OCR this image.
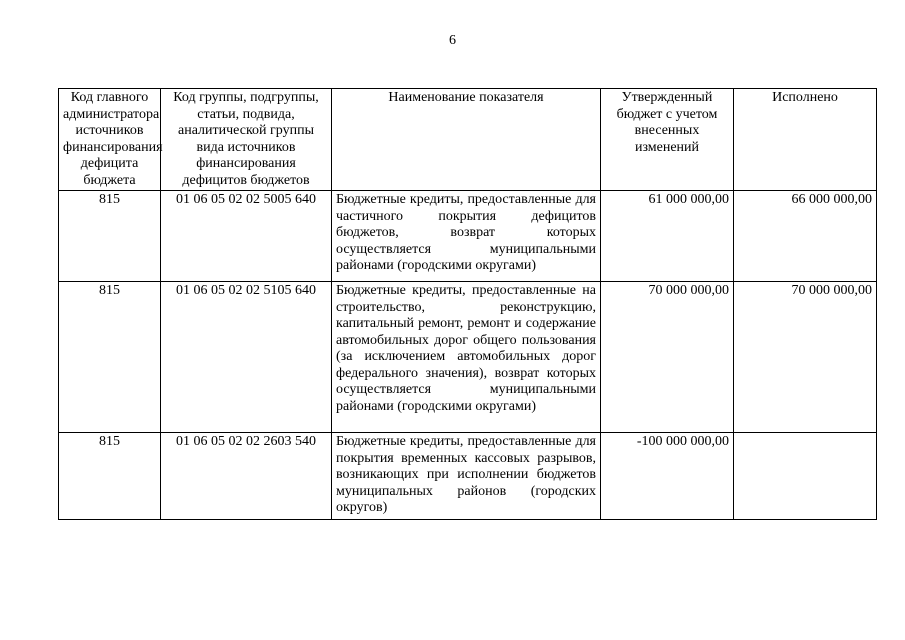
6
Код главного администратора источников финансирования дефицита бюджета	Код группы, подгруппы, статьи, подвида, аналитической группы вида источников финансирования дефицитов бюджетов	Наименование показателя	Утвержденный бюджет с учетом внесенных изменений	Исполнено
815	01 06 05 02 02 5005 640	Бюджетные кредиты, предоставленные для частичного покрытия дефицитов бюджетов, возврат которых осуществляется муниципальными районами (городскими округами)	61 000 000,00	66 000 000,00
815	01 06 05 02 02 5105 640	Бюджетные кредиты, предоставленные на строительство, реконструкцию, капитальный ремонт, ремонт и содержание автомобильных дорог общего пользования (за исключением автомобильных дорог федерального значения), возврат которых осуществляется муниципальными районами (городскими округами)	70 000 000,00	70 000 000,00
815	01 06 05 02 02 2603 540	Бюджетные кредиты, предоставленные для покрытия временных кассовых разрывов, возникающих при исполнении бюджетов муниципальных районов (городских округов)	-100 000 000,00	
